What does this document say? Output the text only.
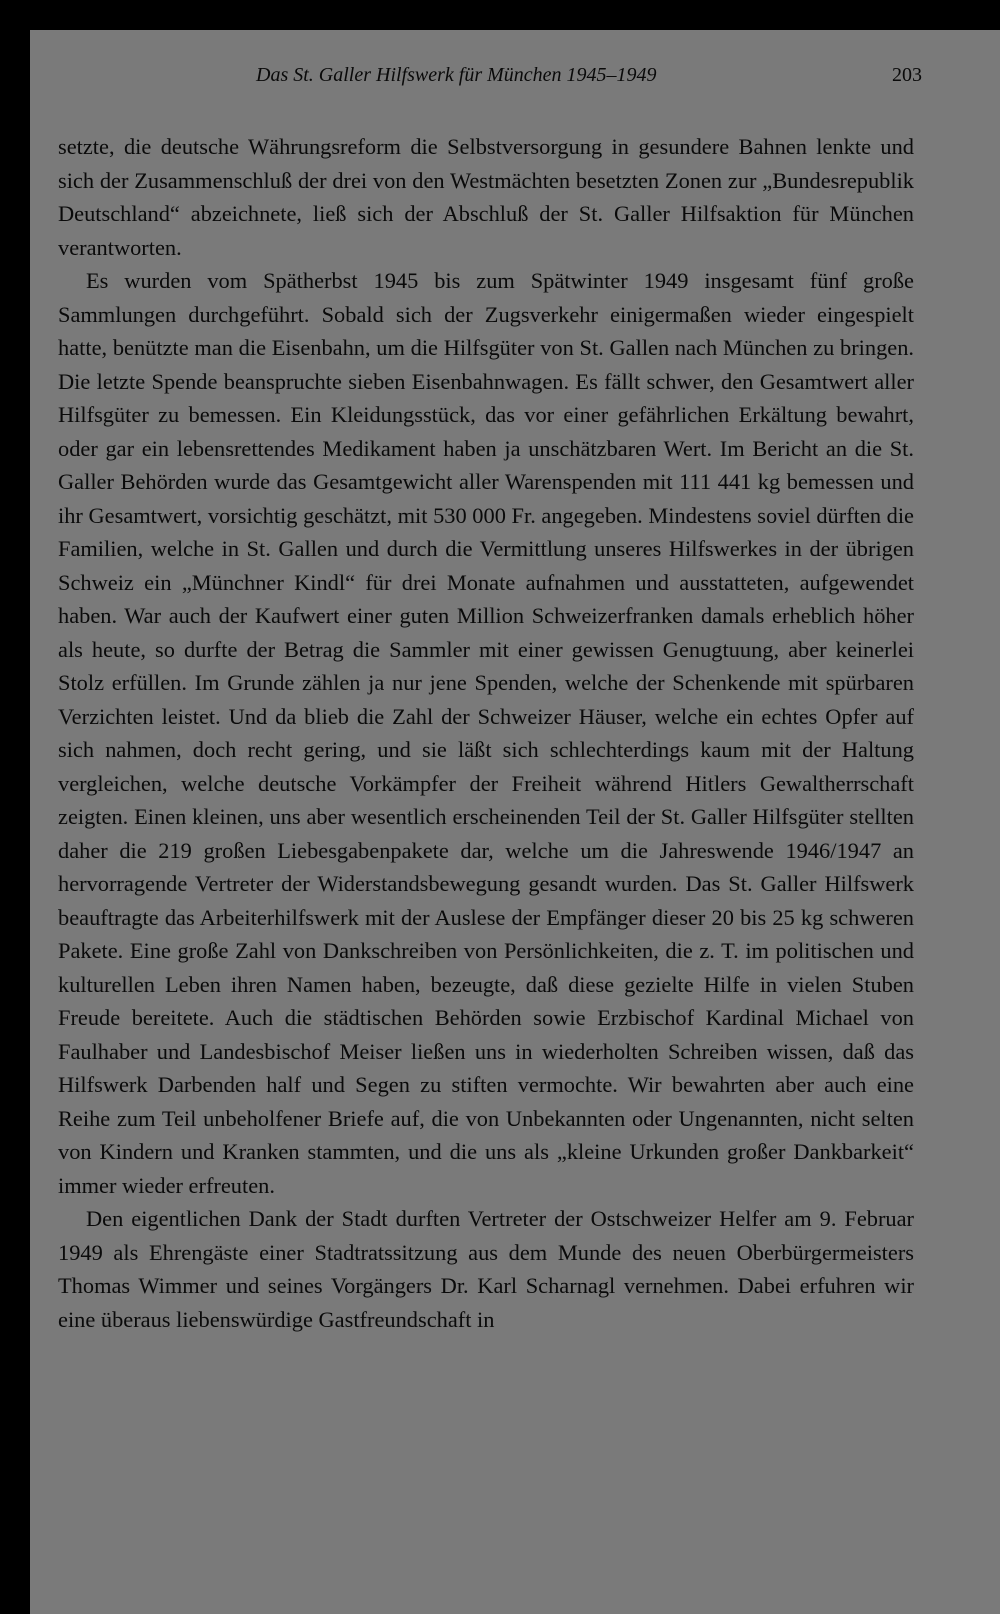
Das St. Galler Hilfswerk für München 1945–1949	203

setzte, die deutsche Währungsreform die Selbstversorgung in gesundere Bahnen lenkte und sich der Zusammenschluß der drei von den Westmächten besetzten Zonen zur „Bundesrepublik Deutschland“ abzeichnete, ließ sich der Abschluß der St. Galler Hilfsaktion für München verantworten.

Es wurden vom Spätherbst 1945 bis zum Spätwinter 1949 insgesamt fünf große Sammlungen durchgeführt. Sobald sich der Zugsverkehr einigermaßen wieder eingespielt hatte, benützte man die Eisenbahn, um die Hilfsgüter von St. Gallen nach München zu bringen. Die letzte Spende beanspruchte sieben Eisenbahnwagen. Es fällt schwer, den Gesamtwert aller Hilfsgüter zu bemessen. Ein Kleidungsstück, das vor einer gefährlichen Erkältung bewahrt, oder gar ein lebensrettendes Medikament haben ja unschätzbaren Wert. Im Bericht an die St. Galler Behörden wurde das Gesamtgewicht aller Warenspenden mit 111 441 kg bemessen und ihr Gesamtwert, vorsichtig geschätzt, mit 530 000 Fr. angegeben. Mindestens soviel dürften die Familien, welche in St. Gallen und durch die Vermittlung unseres Hilfswerkes in der übrigen Schweiz ein „Münchner Kindl“ für drei Monate aufnahmen und ausstatteten, aufgewendet haben. War auch der Kaufwert einer guten Million Schweizerfranken damals erheblich höher als heute, so durfte der Betrag die Sammler mit einer gewissen Genugtuung, aber keinerlei Stolz erfüllen. Im Grunde zählen ja nur jene Spenden, welche der Schenkende mit spürbaren Verzichten leistet. Und da blieb die Zahl der Schweizer Häuser, welche ein echtes Opfer auf sich nahmen, doch recht gering, und sie läßt sich schlechterdings kaum mit der Haltung vergleichen, welche deutsche Vorkämpfer der Freiheit während Hitlers Gewaltherrschaft zeigten. Einen kleinen, uns aber wesentlich erscheinenden Teil der St. Galler Hilfsgüter stellten daher die 219 großen Liebesgabenpakete dar, welche um die Jahreswende 1946/1947 an hervorragende Vertreter der Widerstandsbewegung gesandt wurden. Das St. Galler Hilfswerk beauftragte das Arbeiterhilfswerk mit der Auslese der Empfänger dieser 20 bis 25 kg schweren Pakete. Eine große Zahl von Dankschreiben von Persönlichkeiten, die z. T. im politischen und kulturellen Leben ihren Namen haben, bezeugte, daß diese gezielte Hilfe in vielen Stuben Freude bereitete. Auch die städtischen Behörden sowie Erzbischof Kardinal Michael von Faulhaber und Landesbischof Meiser ließen uns in wiederholten Schreiben wissen, daß das Hilfswerk Darbenden half und Segen zu stiften vermochte. Wir bewahrten aber auch eine Reihe zum Teil unbeholfener Briefe auf, die von Unbekannten oder Ungenannten, nicht selten von Kindern und Kranken stammten, und die uns als „kleine Urkunden großer Dankbarkeit“ immer wieder erfreuten.

Den eigentlichen Dank der Stadt durften Vertreter der Ostschweizer Helfer am 9. Februar 1949 als Ehrengäste einer Stadtratssitzung aus dem Munde des neuen Oberbürgermeisters Thomas Wimmer und seines Vorgängers Dr. Karl Scharnagl vernehmen. Dabei erfuhren wir eine überaus liebenswürdige Gastfreundschaft in
